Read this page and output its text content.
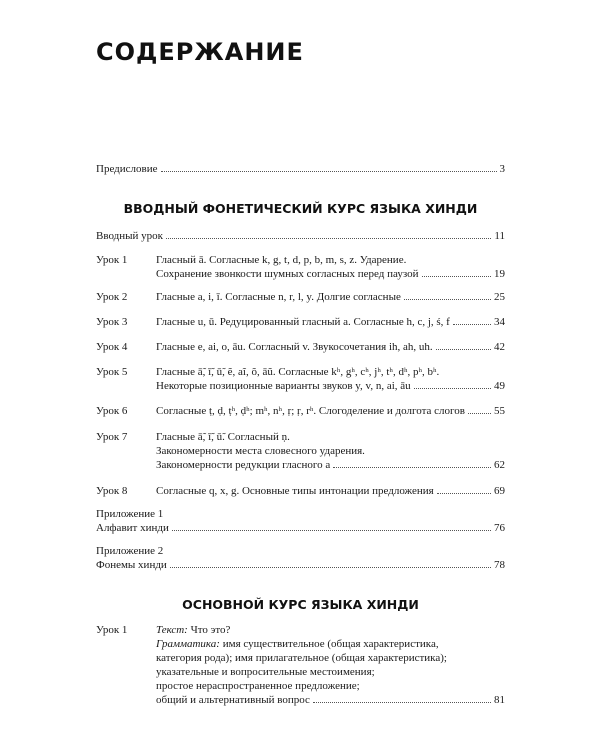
СОДЕРЖАНИЕ
Предисловие	3
ВВОДНЫЙ ФОНЕТИЧЕСКИЙ КУРС ЯЗЫКА ХИНДИ
Вводный урок	11
Урок 1	Гласный ā. Согласные k, g, t, d, p, b, m, s, z. Ударение.
Сохранение звонкости шумных согласных перед паузой	19
Урок 2	Гласные a, i, ī. Согласные n, r, l, y. Долгие согласные	25
Урок 3	Гласные u, ū. Редуцированный гласный a. Согласные h, c, j, ś, f	34
Урок 4	Гласные e, ai, o, āu. Согласный v. Звукосочетания ih, ah, uh.	42
Урок 5	Гласные ā̃, ī̃, ū̃, ẽ, aĩ, õ, āũ. Согласные kʰ, gʰ, cʰ, jʰ, tʰ, dʰ, pʰ, bʰ.
Некоторые позиционные варианты звуков y, v, n, ai, āu	49
Урок 6	Согласные ṭ, ḍ, ṭʰ, ḍʰ; mʰ, nʰ, ṛ; ṛ, rʰ. Слогоделение и долгота слогов	55
Урок 7	Гласные ā̃, ī̃, ū̃. Согласный ṇ.
Закономерности места словесного ударения.
Закономерности редукции гласного a	62
Урок 8	Согласные q, x, g. Основные типы интонации предложения	69
Приложение 1
Алфавит хинди	76
Приложение 2
Фонемы хинди	78
ОСНОВНОЙ КУРС ЯЗЫКА ХИНДИ
Урок 1	Текст: Что это?
Грамматика: имя существительное (общая характеристика,
категория рода); имя прилагательное (общая характеристика);
указательные и вопросительные местоимения;
простое нераспространенное предложение;
общий и альтернативный вопрос	81
